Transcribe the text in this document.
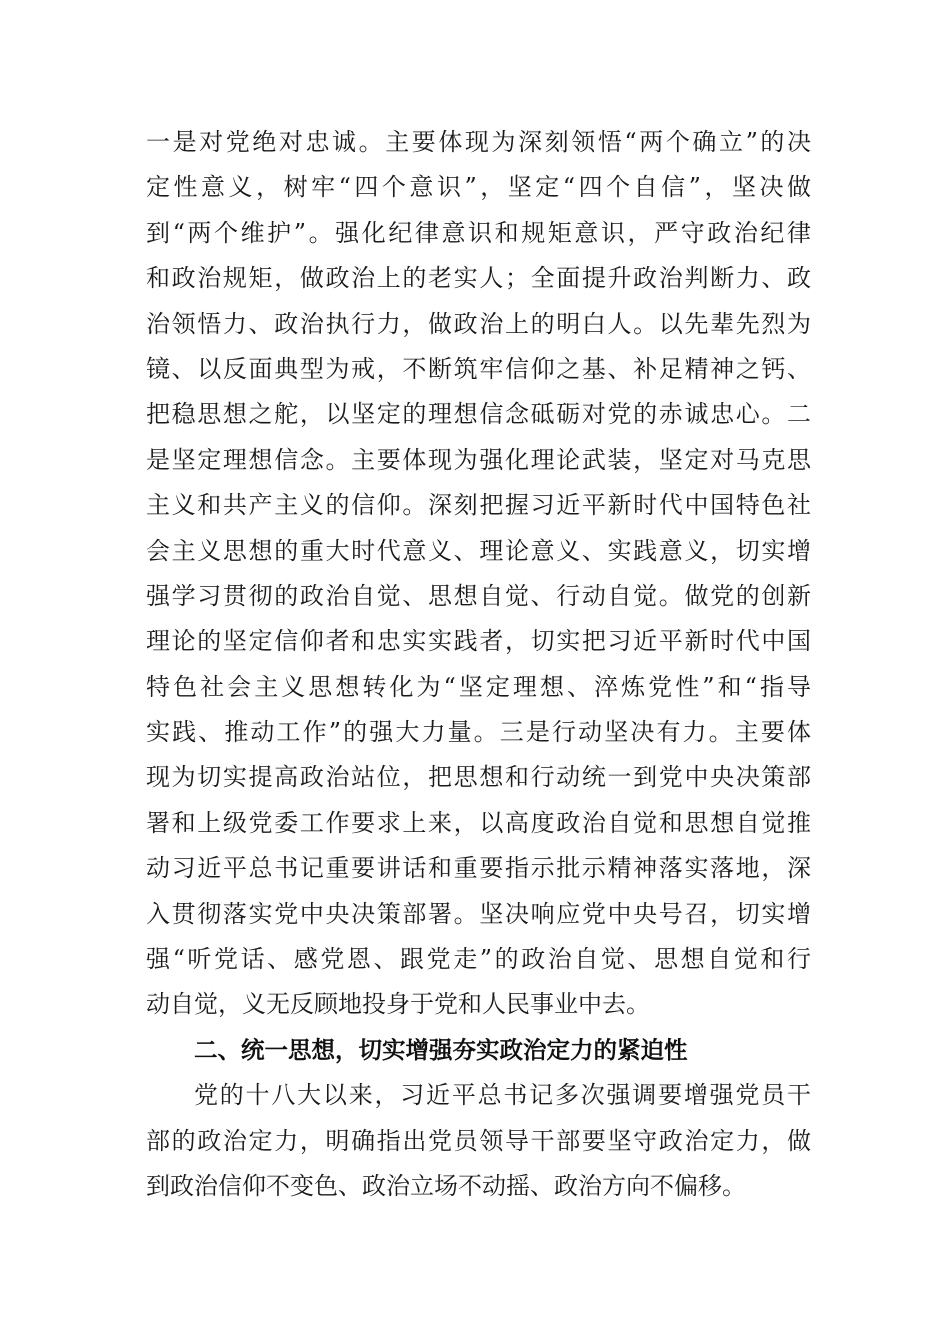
一是对党绝对忠诚。主要体现为深刻领悟“两个确立”的决
定性意义，树牢“四个意识”，坚定“四个自信”，坚决做
到“两个维护”。强化纪律意识和规矩意识，严守政治纪律
和政治规矩，做政治上的老实人；全面提升政治判断力、政
治领悟力、政治执行力，做政治上的明白人。以先辈先烈为
镜、以反面典型为戒，不断筑牢信仰之基、补足精神之钙、
把稳思想之舵，以坚定的理想信念砥砺对党的赤诚忠心。二
是坚定理想信念。主要体现为强化理论武装，坚定对马克思
主义和共产主义的信仰。深刻把握习近平新时代中国特色社
会主义思想的重大时代意义、理论意义、实践意义，切实增
强学习贯彻的政治自觉、思想自觉、行动自觉。做党的创新
理论的坚定信仰者和忠实实践者，切实把习近平新时代中国
特色社会主义思想转化为“坚定理想、淬炼党性”和“指导
实践、推动工作”的强大力量。三是行动坚决有力。主要体
现为切实提高政治站位，把思想和行动统一到党中央决策部
署和上级党委工作要求上来，以高度政治自觉和思想自觉推
动习近平总书记重要讲话和重要指示批示精神落实落地，深
入贯彻落实党中央决策部署。坚决响应党中央号召，切实增
强“听党话、感党恩、跟党走”的政治自觉、思想自觉和行
动自觉，义无反顾地投身于党和人民事业中去。
二、统一思想，切实增强夯实政治定力的紧迫性
党的十八大以来，习近平总书记多次强调要增强党员干
部的政治定力，明确指出党员领导干部要坚守政治定力，做
到政治信仰不变色、政治立场不动摇、政治方向不偏移。
